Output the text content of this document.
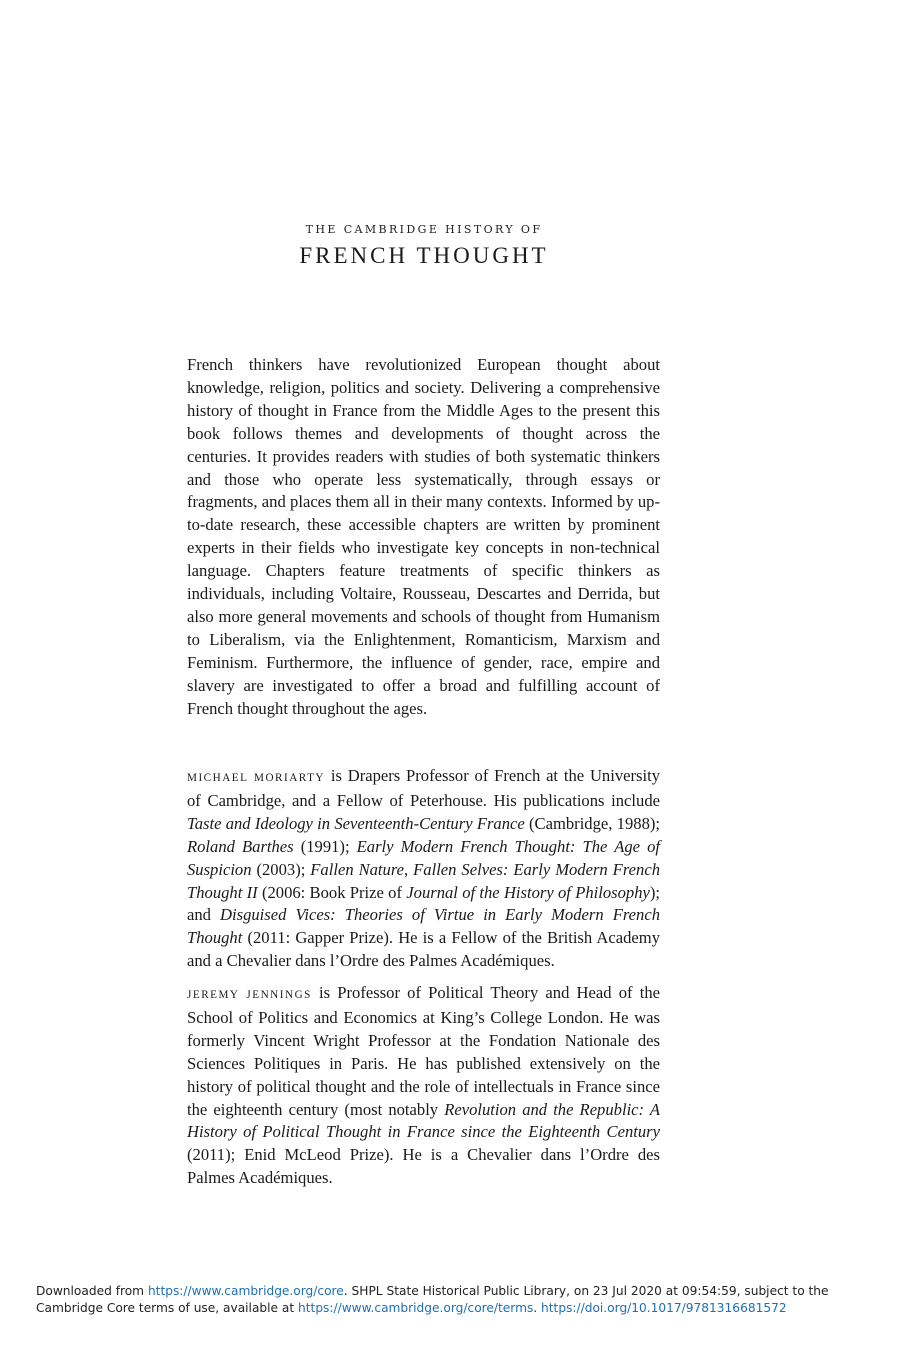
THE CAMBRIDGE HISTORY OF
FRENCH THOUGHT

French thinkers have revolutionized European thought about knowledge, religion, politics and society. Delivering a comprehensive history of thought in France from the Middle Ages to the present this book follows themes and developments of thought across the centuries. It provides readers with studies of both systematic thinkers and those who operate less systematically, through essays or fragments, and places them all in their many contexts. Informed by up-to-date research, these accessible chapters are written by prominent experts in their fields who investigate key concepts in non-technical language. Chapters feature treatments of specific thinkers as individuals, including Voltaire, Rousseau, Descartes and Derrida, but also more general movements and schools of thought from Humanism to Liberalism, via the Enlightenment, Romanticism, Marxism and Feminism. Furthermore, the influence of gender, race, empire and slavery are investigated to offer a broad and fulfilling account of French thought throughout the ages.

MICHAEL MORIARTY is Drapers Professor of French at the University of Cambridge, and a Fellow of Peterhouse. His publications include Taste and Ideology in Seventeenth-Century France (Cambridge, 1988); Roland Barthes (1991); Early Modern French Thought: The Age of Suspicion (2003); Fallen Nature, Fallen Selves: Early Modern French Thought II (2006: Book Prize of Journal of the History of Philosophy); and Disguised Vices: Theories of Virtue in Early Modern French Thought (2011: Gapper Prize). He is a Fellow of the British Academy and a Chevalier dans l’Ordre des Palmes Académiques.

JEREMY JENNINGS is Professor of Political Theory and Head of the School of Politics and Economics at King’s College London. He was formerly Vincent Wright Professor at the Fondation Nationale des Sciences Politiques in Paris. He has published extensively on the history of political thought and the role of intellectuals in France since the eighteenth century (most notably Revolution and the Republic: A History of Political Thought in France since the Eighteenth Century (2011); Enid McLeod Prize). He is a Chevalier dans l’Ordre des Palmes Académiques.

Downloaded from https://www.cambridge.org/core. SHPL State Historical Public Library, on 23 Jul 2020 at 09:54:59, subject to the Cambridge Core terms of use, available at https://www.cambridge.org/core/terms. https://doi.org/10.1017/9781316681572
